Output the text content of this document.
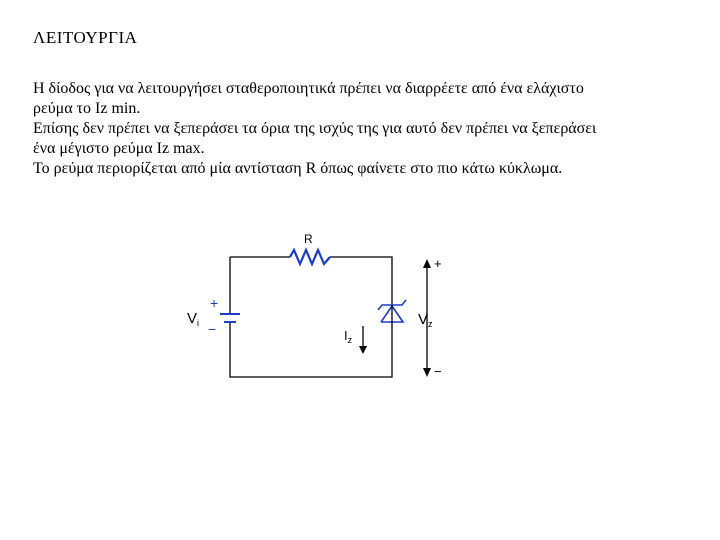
ΛΕΙΤΟΥΡΓΙΑ
Η δίοδος για να λειτουργήσει σταθεροποιητικά πρέπει να διαρρέετε από ένα ελάχιστο
ρεύμα το Iz min.
Επίσης δεν πρέπει να ξεπεράσει τα όρια της ισχύς της για αυτό δεν πρέπει να ξεπεράσει
ένα μέγιστο ρεύμα Iz max.
Το ρεύμα περιορίζεται από μία αντίσταση R όπως φαίνετε στο πιο κάτω κύκλωμα.
R
+
−
$V_i$
$I_z$
+
−
$V_z$
